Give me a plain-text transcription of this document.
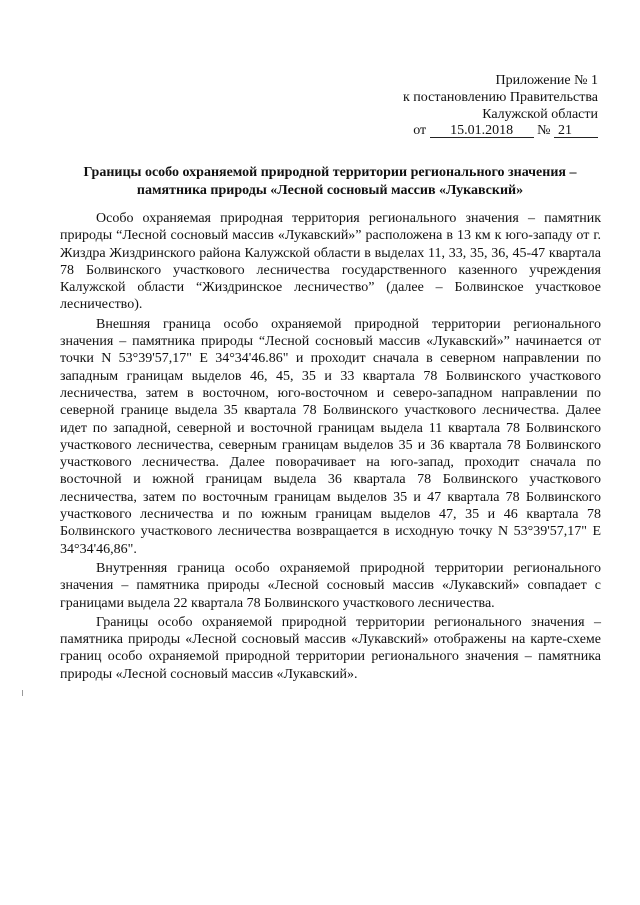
Приложение № 1
к постановлению Правительства
Калужской области
от 15.01.2018 № 21
Границы особо охраняемой природной территории регионального значения –
памятника природы «Лесной сосновый массив «Лукавский»

Особо охраняемая природная территория регионального значения – памятник природы “Лесной сосновый массив «Лукавский»” расположена в 13 км к юго-западу от г. Жиздра Жиздринского района Калужской области в выделах 11, 33, 35, 36, 45-47 квартала 78 Болвинского участкового лесничества государственного казенного учреждения Калужской области “Жиздринское лесничество” (далее – Болвинское участковое лесничество).

Внешняя граница особо охраняемой природной территории регионального значения – памятника природы “Лесной сосновый массив «Лукавский»” начинается от точки N 53°39'57,17" E 34°34'46.86" и проходит сначала в северном направлении по западным границам выделов 46, 45, 35 и 33 квартала 78 Болвинского участкового лесничества, затем в восточном, юго-восточном и северо-западном направлении по северной границе выдела 35 квартала 78 Болвинского участкового лесничества. Далее идет по западной, северной и восточной границам выдела 11 квартала 78 Болвинского участкового лесничества, северным границам выделов 35 и 36 квартала 78 Болвинского участкового лесничества. Далее поворачивает на юго-запад, проходит сначала по восточной и южной границам выдела 36 квартала 78 Болвинского участкового лесничества, затем по восточным границам выделов 35 и 47 квартала 78 Болвинского участкового лесничества и по южным границам выделов 47, 35 и 46 квартала 78 Болвинского участкового лесничества возвращается в исходную точку N 53°39'57,17" E 34°34'46,86".

Внутренняя граница особо охраняемой природной территории регионального значения – памятника природы «Лесной сосновый массив «Лукавский» совпадает с границами выдела 22 квартала 78 Болвинского участкового лесничества.

Границы особо охраняемой природной территории регионального значения – памятника природы «Лесной сосновый массив «Лукавский» отображены на карте-схеме границ особо охраняемой природной территории регионального значения – памятника природы «Лесной сосновый массив «Лукавский».
